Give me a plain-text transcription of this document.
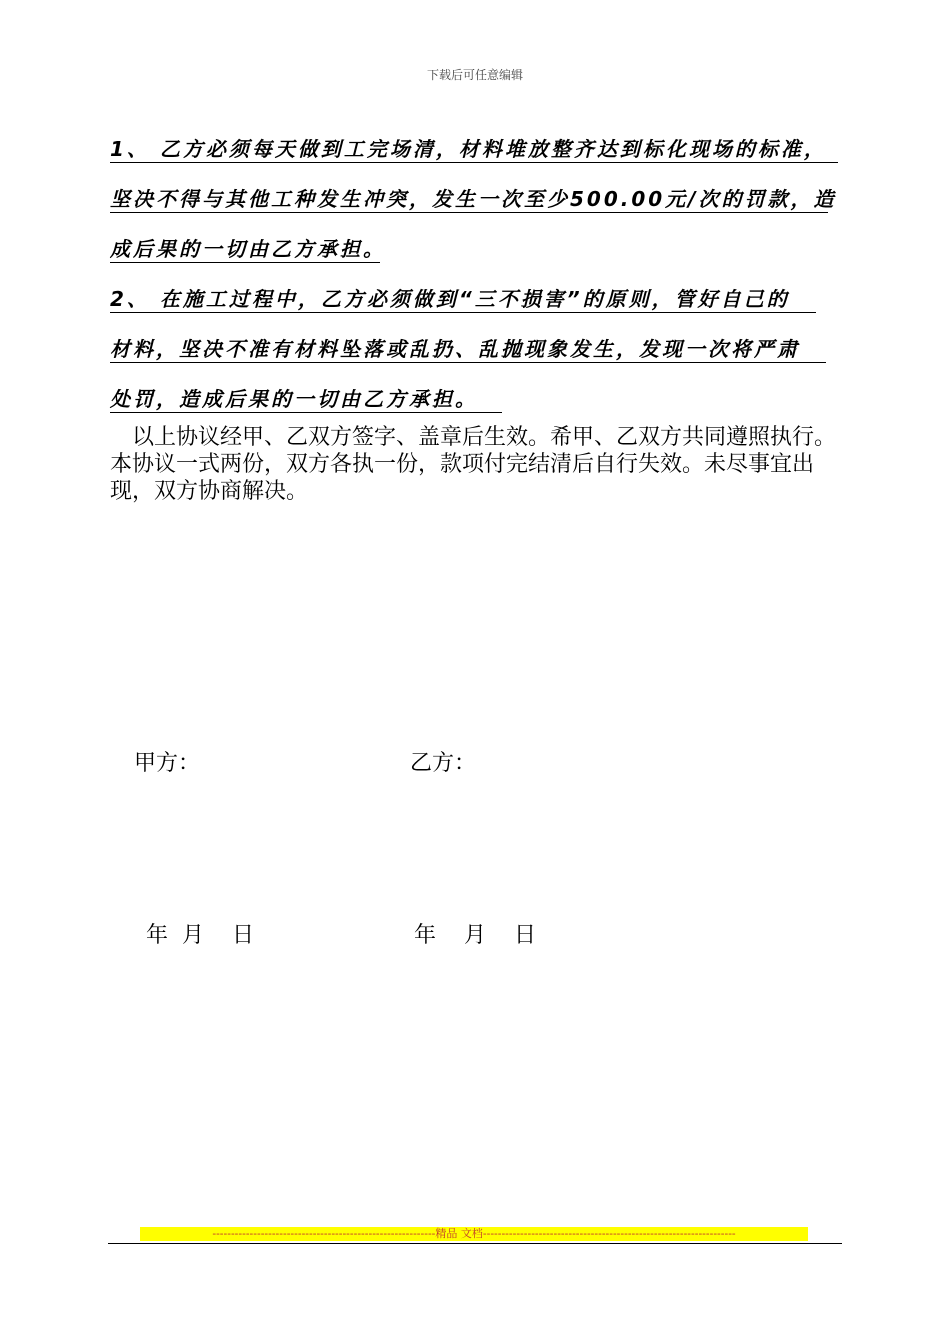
下载后可任意编辑
1、 乙方必须每天做到工完场清，材料堆放整齐达到标化现场的标准，
坚决不得与其他工种发生冲突，发生一次至少500.00元/次的罚款，造
成后果的一切由乙方承担。
2、 在施工过程中，乙方必须做到“三不损害”的原则，管好自己的
材料，坚决不准有材料坠落或乱扔、乱抛现象发生，发现一次将严肃
处罚，造成后果的一切由乙方承担。
以上协议经甲、乙双方签字、盖章后生效。希甲、乙双方共同遵照执行。本协议一式两份，双方各执一份，款项付完结清后自行失效。未尽事宜出现，双方协商解决。
甲方：	乙方：
年  月    日	年    月    日
------------------------------------------------------------精品 文档--------------------------------------------------------------------
